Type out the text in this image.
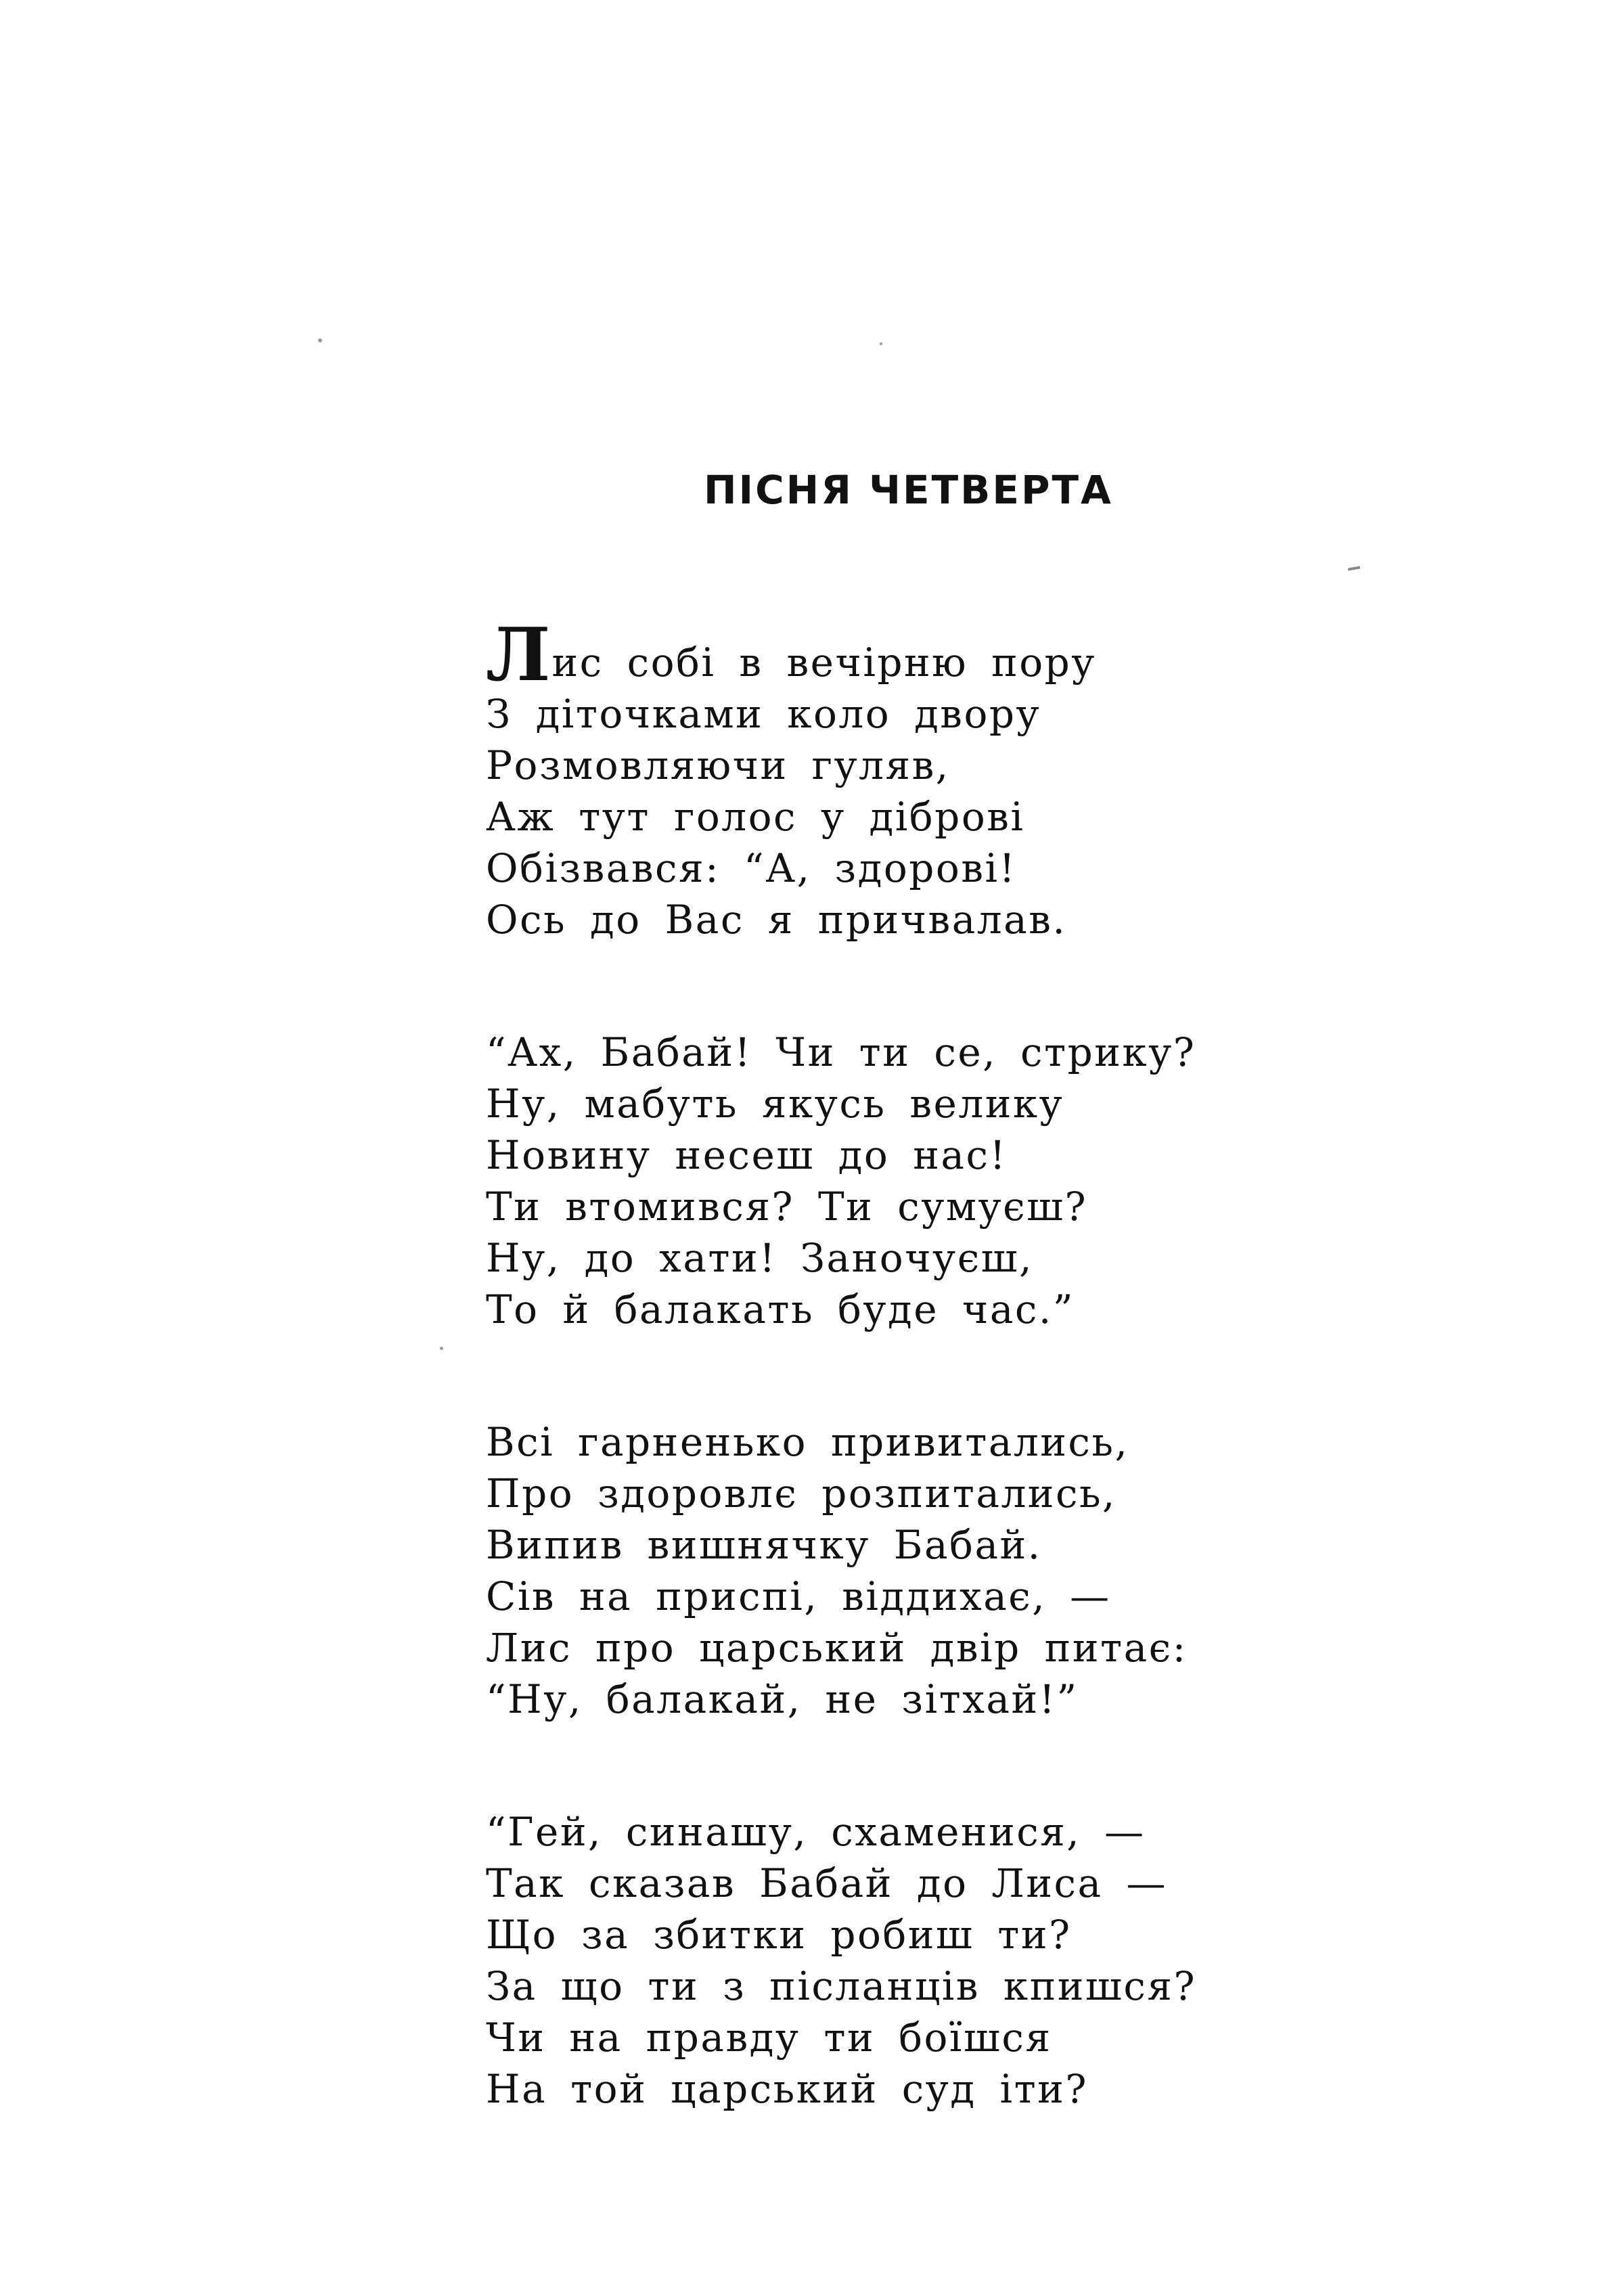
ПІСНЯ ЧЕТВЕРТА
Лис собі в вечірню пору
З діточками коло двору
Розмовляючи гуляв,
Аж тут голос у діброві
Обізвався: “А, здорові!
Ось до Вас я причвалав.
“Ах, Бабай! Чи ти се, стрику?
Ну, мабуть якусь велику
Новину несеш до нас!
Ти втомився? Ти сумуєш?
Ну, до хати! Заночуєш,
То й балакать буде час.”
Всі гарненько привитались,
Про здоровлє розпитались,
Випив вишнячку Бабай.
Сів на приспі, віддихає, —
Лис про царський двір питає:
“Ну, балакай, не зітхай!”
“Гей, синашу, схаменися, —
Так сказав Бабай до Лиса —
Що за збитки робиш ти?
За що ти з післанців кпишся?
Чи на правду ти боїшся
На той царський суд іти?
